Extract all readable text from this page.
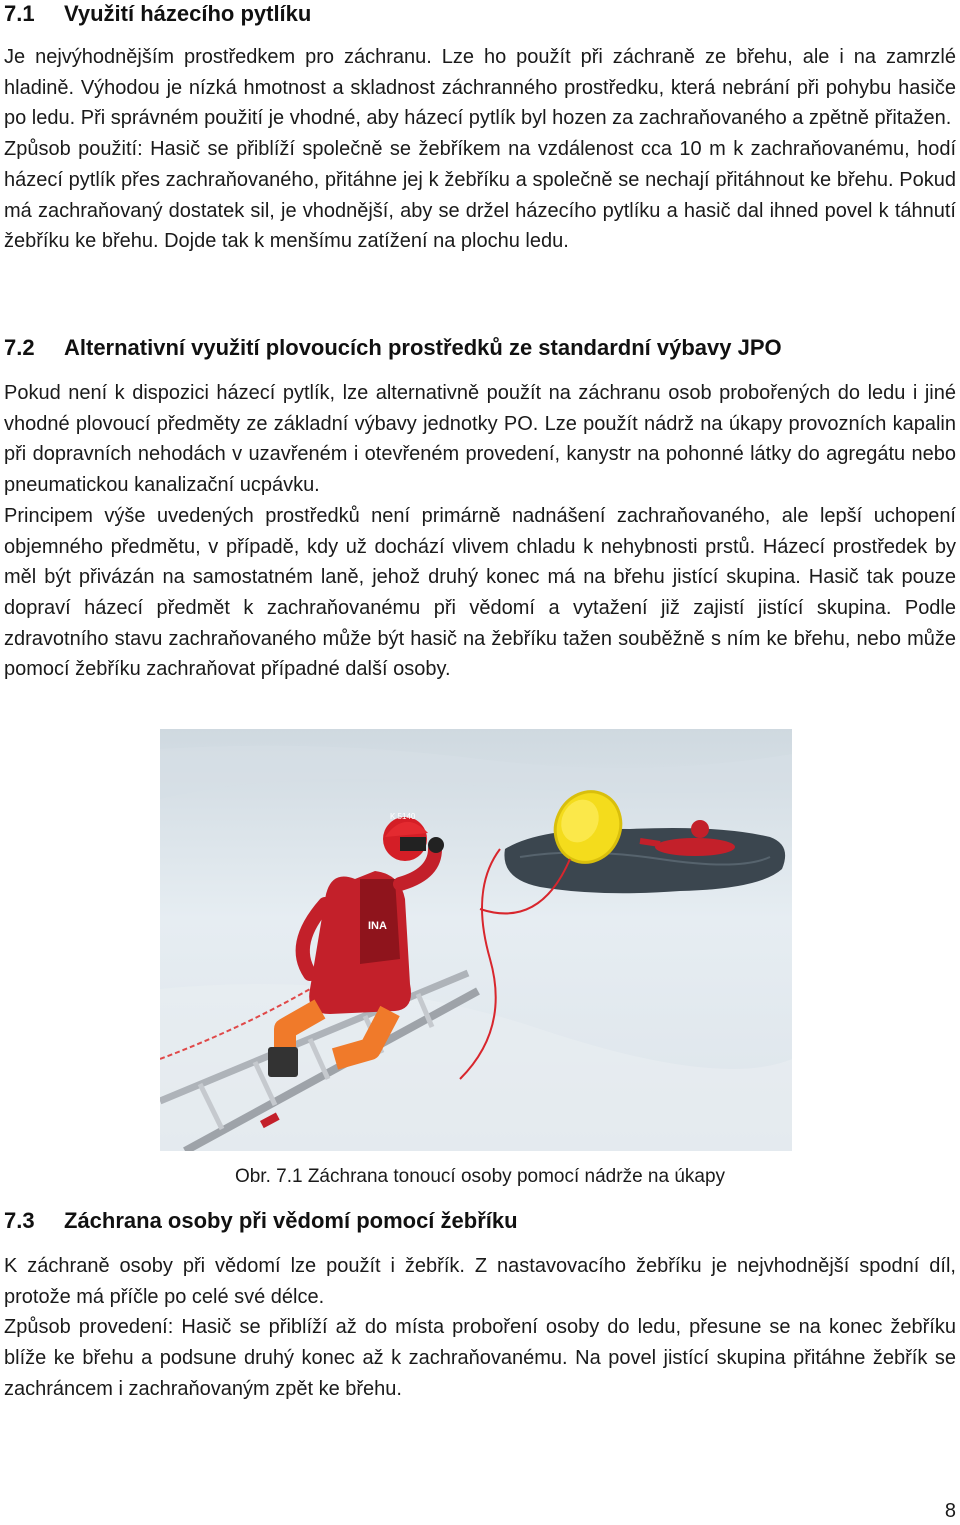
7.1 Využití házecího pytlíku

Je nejvýhodnějším prostředkem pro záchranu. Lze ho použít při záchraně ze břehu, ale i na zamrzlé hladině. Výhodou je nízká hmotnost a skladnost záchranného prostředku, která nebrání při pohybu hasiče po ledu. Při správném použití je vhodné, aby házecí pytlík byl hozen za zachraňovaného a zpětně přitažen.

Způsob použití: Hasič se přiblíží společně se žebříkem na vzdálenost cca 10 m k zachraňovanému, hodí házecí pytlík přes zachraňovaného, přitáhne jej k žebříku a společně se nechají přitáhnout ke břehu. Pokud má zachraňovaný dostatek sil, je vhodnější, aby se držel házecího pytlíku a hasič dal ihned povel k táhnutí žebříku ke břehu. Dojde tak k menšímu zatížení na plochu ledu.

7.2 Alternativní využití plovoucích prostředků ze standardní výbavy JPO

Pokud není k dispozici házecí pytlík, lze alternativně použít na záchranu osob probořených do ledu i jiné vhodné plovoucí předměty ze základní výbavy jednotky PO. Lze použít nádrž na úkapy provozních kapalin při dopravních nehodách v uzavřeném i otevřeném provedení, kanystr na pohonné látky do agregátu nebo pneumatickou kanalizační ucpávku.

Principem výše uvedených prostředků není primárně nadnášení zachraňovaného, ale lepší uchopení objemného předmětu, v případě, kdy už dochází vlivem chladu k nehybnosti prstů. Házecí prostředek by měl být přivázán na samostatném laně, jehož druhý konec má na břehu jistící skupina. Hasič tak pouze dopraví házecí předmět k zachraňovanému při vědomí a vytažení již zajistí jistící skupina. Podle zdravotního stavu zachraňovaného může být hasič na žebříku tažen souběžně s ním ke břehu, nebo může pomocí žebříku zachraňovat případné další osoby.

INA
K 5140
Obr. 7.1 Záchrana tonoucí osoby pomocí nádrže na úkapy
7.3 Záchrana osoby při vědomí pomocí žebříku

K záchraně osoby při vědomí lze použít i žebřík. Z nastavovacího žebříku je nejvhodnější spodní díl, protože má příčle po celé své délce.

Způsob provedení: Hasič se přiblíží až do místa proboření osoby do ledu, přesune se na konec žebříku blíže ke břehu a podsune druhý konec až k zachraňovanému. Na povel jistící skupina přitáhne žebřík se zachráncem i zachraňovaným zpět ke břehu.

8
